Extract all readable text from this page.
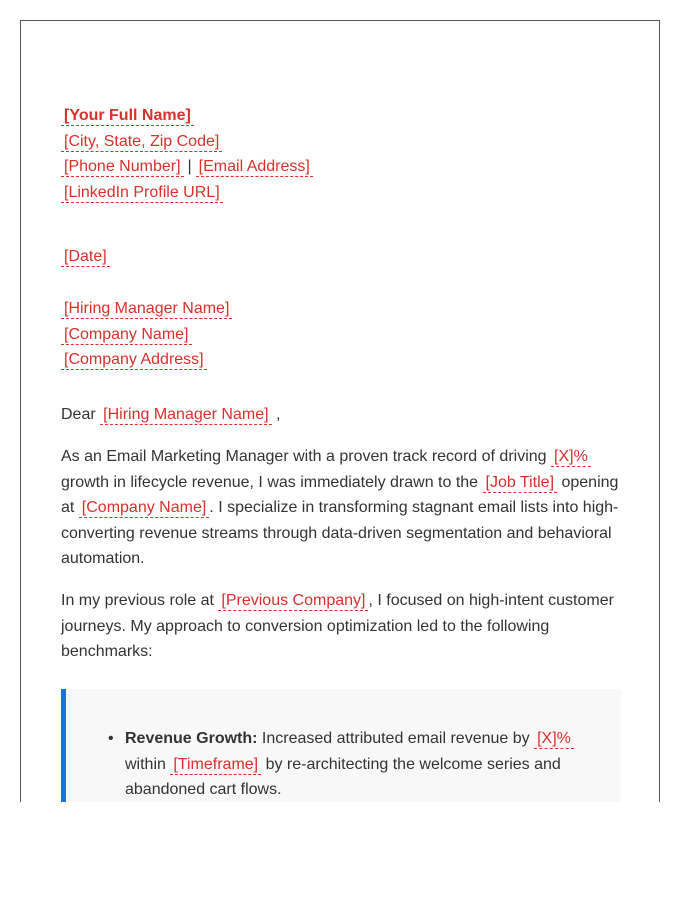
[Your Full Name]
[City, State, Zip Code]
[Phone Number] | [Email Address]
[LinkedIn Profile URL]
[Date]
[Hiring Manager Name]
[Company Name]
[Company Address]
Dear [Hiring Manager Name] ,

As an Email Marketing Manager with a proven track record of driving [X]% growth in lifecycle revenue, I was immediately drawn to the [Job Title] opening at [Company Name] . I specialize in transforming stagnant email lists into high-converting revenue streams through data-driven segmentation and behavioral automation.

In my previous role at [Previous Company] , I focused on high-intent customer journeys. My approach to conversion optimization led to the following benchmarks:

• Revenue Growth: Increased attributed email revenue by [X]% within [Timeframe] by re-architecting the welcome series and abandoned cart flows.
